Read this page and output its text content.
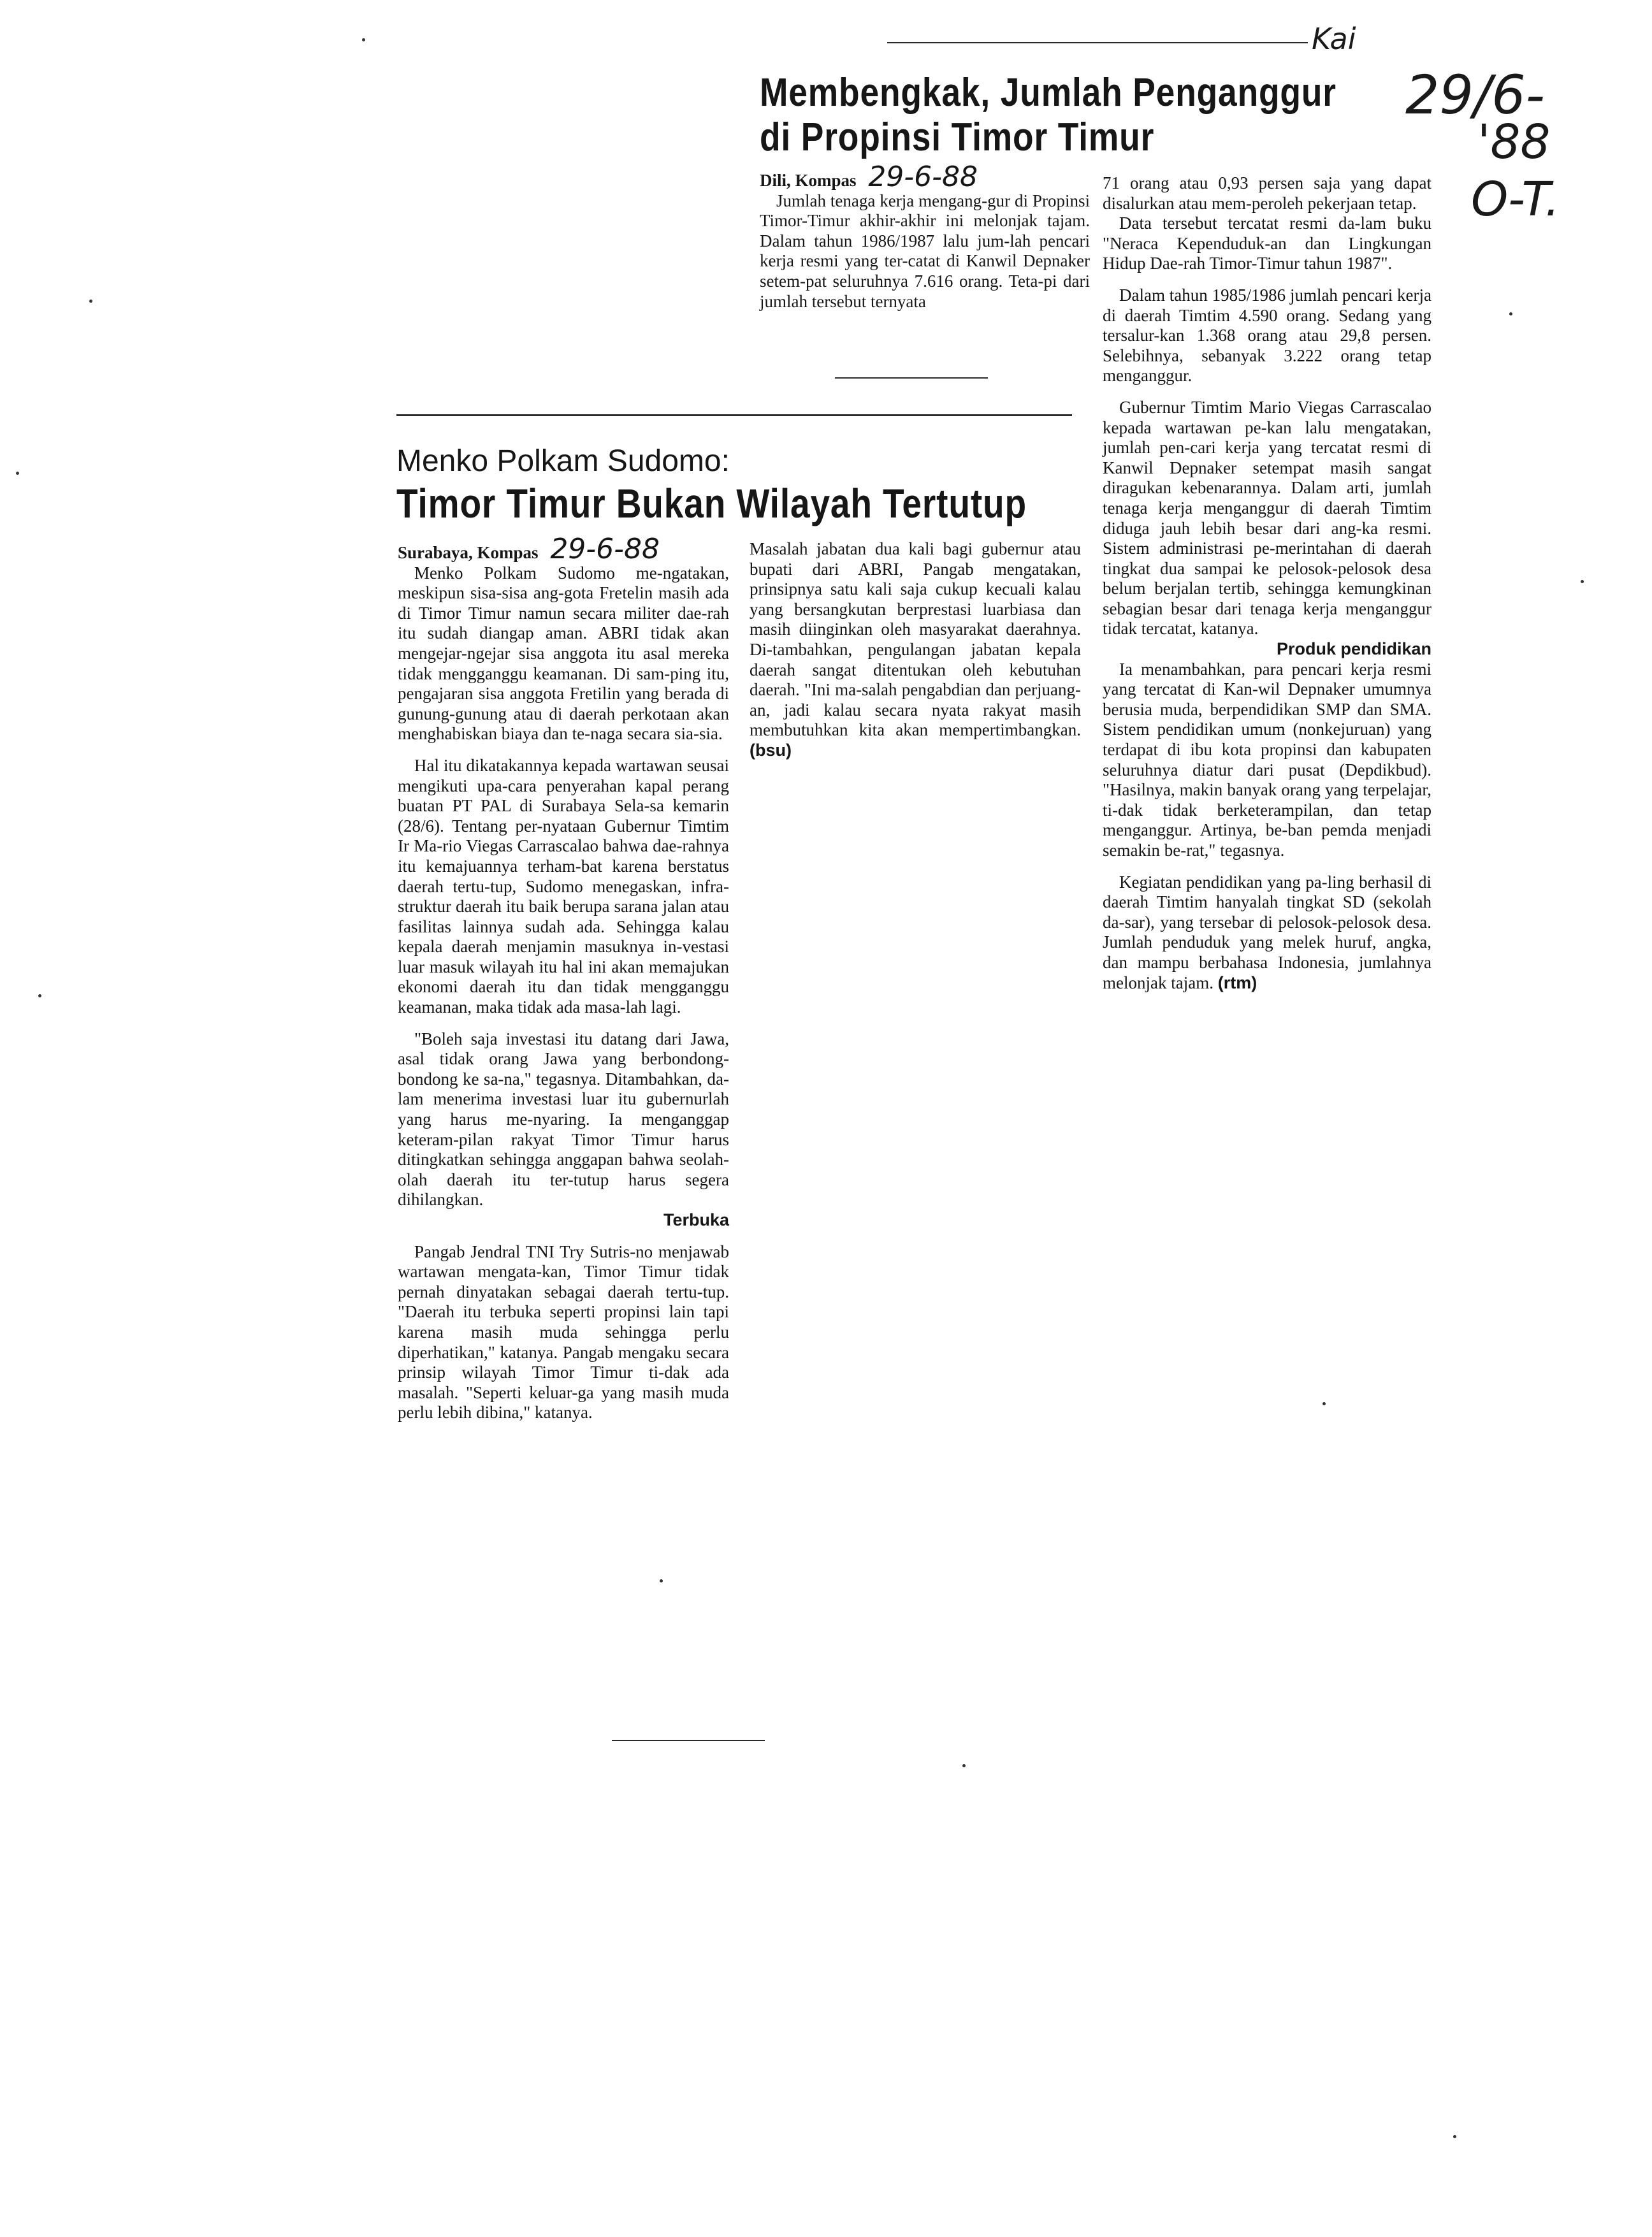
Kai
29/6-
'88
O-T.
Membengkak, Jumlah Penganggur
di Propinsi Timor Timur

Dili, Kompas 29-6-88

Jumlah tenaga kerja mengang-gur di Propinsi Timor-Timur akhir-akhir ini melonjak tajam. Dalam tahun 1986/1987 lalu jum-lah pencari kerja resmi yang ter-catat di Kanwil Depnaker setem-pat seluruhnya 7.616 orang. Teta-pi dari jumlah tersebut ternyata

71 orang atau 0,93 persen saja yang dapat disalurkan atau mem-peroleh pekerjaan tetap.

Data tersebut tercatat resmi da-lam buku "Neraca Kependuduk-an dan Lingkungan Hidup Dae-rah Timor-Timur tahun 1987".

Dalam tahun 1985/1986 jumlah pencari kerja di daerah Timtim 4.590 orang. Sedang yang tersalur-kan 1.368 orang atau 29,8 persen. Selebihnya, sebanyak 3.222 orang tetap menganggur.

Gubernur Timtim Mario Viegas Carrascalao kepada wartawan pe-kan lalu mengatakan, jumlah pen-cari kerja yang tercatat resmi di Kanwil Depnaker setempat masih sangat diragukan kebenarannya. Dalam arti, jumlah tenaga kerja menganggur di daerah Timtim diduga jauh lebih besar dari ang-ka resmi. Sistem administrasi pe-merintahan di daerah tingkat dua sampai ke pelosok-pelosok desa belum berjalan tertib, sehingga kemungkinan sebagian besar dari tenaga kerja menganggur tidak tercatat, katanya.

Produk pendidikan

Ia menambahkan, para pencari kerja resmi yang tercatat di Kan-wil Depnaker umumnya berusia muda, berpendidikan SMP dan SMA. Sistem pendidikan umum (nonkejuruan) yang terdapat di ibu kota propinsi dan kabupaten seluruhnya diatur dari pusat (Depdikbud). "Hasilnya, makin banyak orang yang terpelajar, ti-dak tidak berketerampilan, dan tetap menganggur. Artinya, be-ban pemda menjadi semakin be-rat," tegasnya.

Kegiatan pendidikan yang pa-ling berhasil di daerah Timtim hanyalah tingkat SD (sekolah da-sar), yang tersebar di pelosok-pelosok desa. Jumlah penduduk yang melek huruf, angka, dan mampu berbahasa Indonesia, jumlahnya melonjak tajam. (rtm)

Menko Polkam Sudomo:
Timor Timur Bukan Wilayah Tertutup

Surabaya, Kompas 29-6-88

Menko Polkam Sudomo me-ngatakan, meskipun sisa-sisa ang-gota Fretelin masih ada di Timor Timur namun secara militer dae-rah itu sudah diangap aman. ABRI tidak akan mengejar-ngejar sisa anggota itu asal mereka tidak mengganggu keamanan. Di sam-ping itu, pengajaran sisa anggota Fretilin yang berada di gunung-gunung atau di daerah perkotaan akan menghabiskan biaya dan te-naga secara sia-sia.

Hal itu dikatakannya kepada wartawan seusai mengikuti upa-cara penyerahan kapal perang buatan PT PAL di Surabaya Sela-sa kemarin (28/6). Tentang per-nyataan Gubernur Timtim Ir Ma-rio Viegas Carrascalao bahwa dae-rahnya itu kemajuannya terham-bat karena berstatus daerah tertu-tup, Sudomo menegaskan, infra-struktur daerah itu baik berupa sarana jalan atau fasilitas lainnya sudah ada. Sehingga kalau kepala daerah menjamin masuknya in-vestasi luar masuk wilayah itu hal ini akan memajukan ekonomi daerah itu dan tidak mengganggu keamanan, maka tidak ada masa-lah lagi.

"Boleh saja investasi itu datang dari Jawa, asal tidak orang Jawa yang berbondong-bondong ke sa-na," tegasnya. Ditambahkan, da-lam menerima investasi luar itu gubernurlah yang harus me-nyaring. Ia menganggap keteram-pilan rakyat Timor Timur harus ditingkatkan sehingga anggapan bahwa seolah-olah daerah itu ter-tutup harus segera dihilangkan.

Terbuka

Pangab Jendral TNI Try Sutris-no menjawab wartawan mengata-kan, Timor Timur tidak pernah dinyatakan sebagai daerah tertu-tup. "Daerah itu terbuka seperti propinsi lain tapi karena masih muda sehingga perlu diperhatikan," katanya. Pangab mengaku secara prinsip wilayah Timor Timur ti-dak ada masalah. "Seperti keluar-ga yang masih muda perlu lebih dibina," katanya.

Masalah jabatan dua kali bagi gubernur atau bupati dari ABRI, Pangab mengatakan, prinsipnya satu kali saja cukup kecuali kalau yang bersangkutan berprestasi luarbiasa dan masih diinginkan oleh masyarakat daerahnya. Di-tambahkan, pengulangan jabatan kepala daerah sangat ditentukan oleh kebutuhan daerah. "Ini ma-salah pengabdian dan perjuang-an, jadi kalau secara nyata rakyat masih membutuhkan kita akan mempertimbangkan. (bsu)
